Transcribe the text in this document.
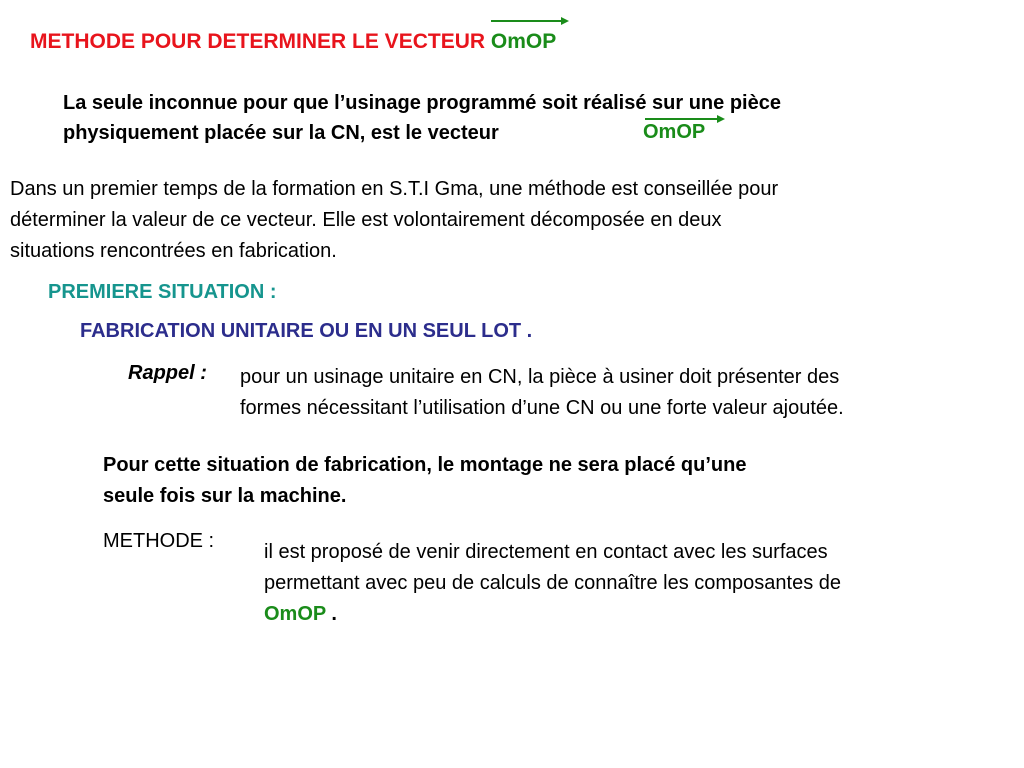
METHODE POUR DETERMINER LE VECTEUR OmOP
La seule inconnue pour que l’usinage programmé soit réalisé sur une pièce
physiquement placée sur la CN, est le vecteur	OmOP
Dans un premier temps de la formation en S.T.I Gma, une méthode est conseillée pour
déterminer la valeur de ce vecteur. Elle est volontairement décomposée en deux
situations rencontrées en fabrication.
PREMIERE SITUATION :
FABRICATION UNITAIRE OU EN UN SEUL LOT .
Rappel : pour un usinage unitaire en CN, la pièce à usiner doit présenter des
formes nécessitant l’utilisation d’une CN ou une forte valeur ajoutée.
Pour cette situation de fabrication, le montage ne sera placé qu’une
seule fois sur la machine.
METHODE : il est proposé de venir directement en contact avec les surfaces
permettant avec peu de calculs de connaître les composantes de
OmOP .
